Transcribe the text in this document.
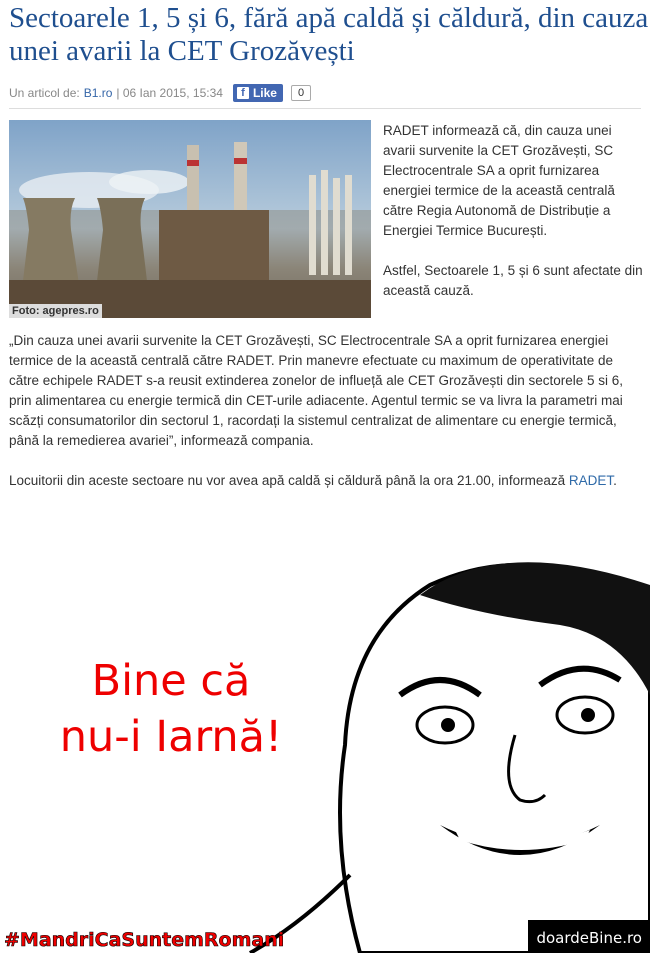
Sectoarele 1, 5 și 6, fără apă caldă și căldură, din cauza unei avarii la CET Grozăvești
Un articol de: B1.ro | 06 Ian 2015, 15:34	f Like	0
Foto: agepres.ro

RADET informează că, din cauza unei avarii survenite la CET Grozăvești, SC Electrocentrale SA a oprit furnizarea energiei termice de la această centrală către Regia Autonomă de Distribuție a Energiei Termice București.

Astfel, Sectoarele 1, 5 și 6 sunt afectate din această cauză.

„Din cauza unei avarii survenite la CET Grozăvești, SC Electrocentrale SA a oprit furnizarea energiei termice de la această centrală către RADET. Prin manevre efectuate cu maximum de operativitate de către echipele RADET s-a reusit extinderea zonelor de influeță ale CET Grozăvești din sectorele 5 si 6, prin alimentarea cu energie termică din CET-urile adiacente. Agentul termic se va livra la parametri mai scăzți consumatorilor din sectorul 1, racordați la sistemul centralizat de alimentare cu energie termică, până la remedierea avariei”, informează compania.

Locuitorii din aceste sectoare nu vor avea apă caldă și căldură până la ora 21.00, informează RADET.

Bine că
nu-i Iarnă!
#MandriCaSuntemRomani	doardeBine.ro
